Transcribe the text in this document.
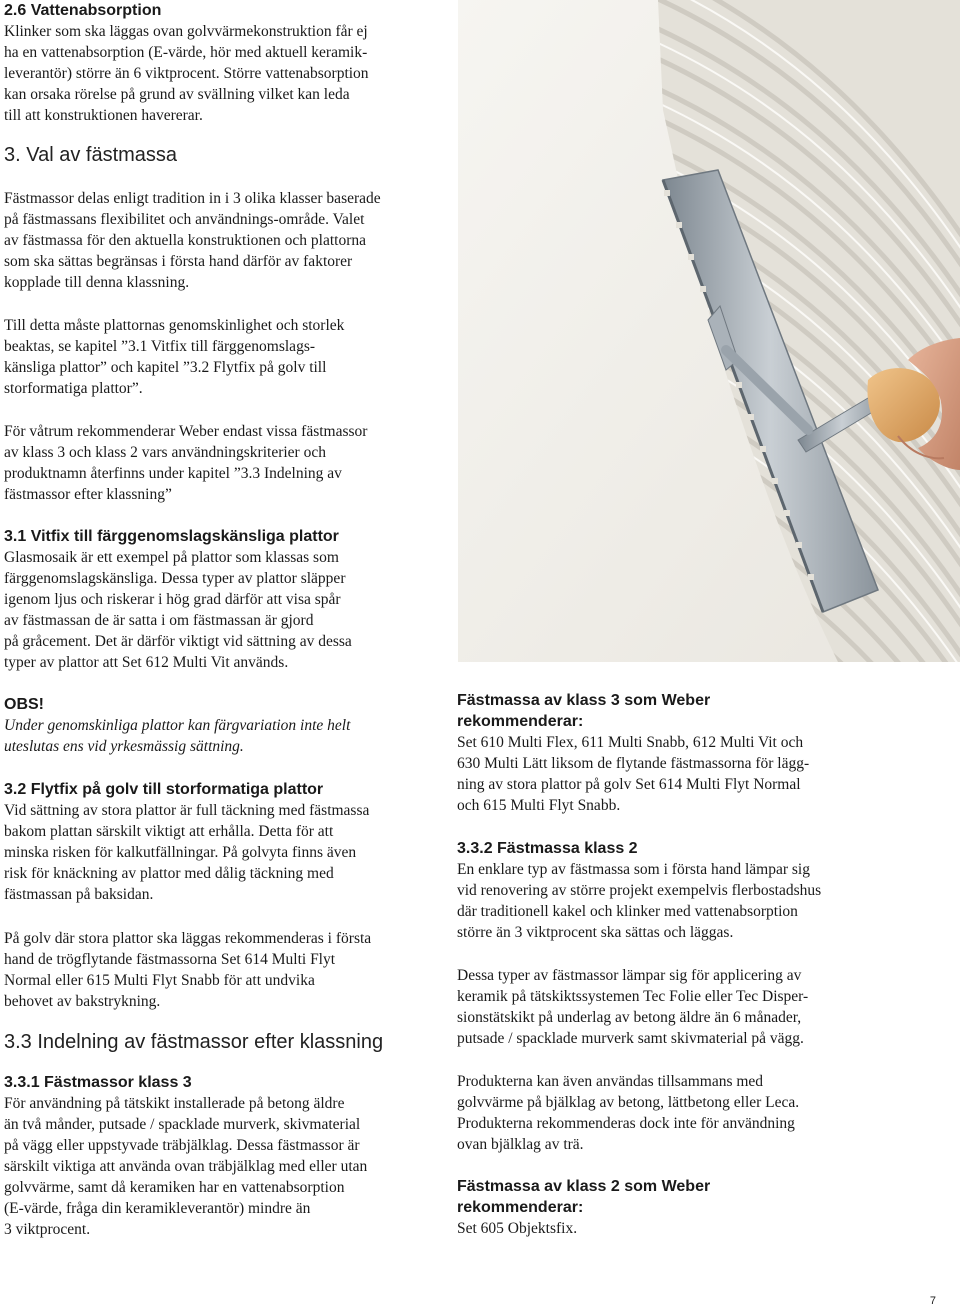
2.6 Vattenabsorption
Klinker som ska läggas ovan golvvärmekonstruktion får ej
ha en vattenabsorption (E-värde, hör med aktuell keramik-
leverantör) större än 6 viktprocent. Större vattenabsorption
kan orsaka rörelse på grund av svällning vilket kan leda
till att konstruktionen havererar.
3. Val av fästmassa
Fästmassor delas enligt tradition in i 3 olika klasser baserade
på fästmassans flexibilitet och användnings-område. Valet
av fästmassa för den aktuella konstruktionen och plattorna
som ska sättas begränsas i första hand därför av faktorer
kopplade till denna klassning.
Till detta måste plattornas genomskinlighet och storlek
beaktas, se kapitel ”3.1 Vitfix till färggenomslags-
känsliga plattor” och kapitel ”3.2 Flytfix på golv till
storformatiga plattor”.
För våtrum rekommenderar Weber endast vissa fästmassor
av klass 3 och klass 2 vars användningskriterier och
produktnamn återfinns under kapitel ”3.3 Indelning av
fästmassor efter klassning”
3.1 Vitfix till färggenomslagskänsliga plattor
Glasmosaik är ett exempel på plattor som klassas som
färggenomslagskänsliga. Dessa typer av plattor släpper
igenom ljus och riskerar i hög grad därför att visa spår
av fästmassan de är satta i om fästmassan är gjord
på gråcement. Det är därför viktigt vid sättning av dessa
typer av plattor att Set 612 Multi Vit används.
OBS!
Under genomskinliga plattor kan färgvariation inte helt
uteslutas ens vid yrkesmässig sättning.
3.2 Flytfix på golv till storformatiga plattor
Vid sättning av stora plattor är full täckning med fästmassa
bakom plattan särskilt viktigt att erhålla. Detta för att
minska risken för kalkutfällningar. På golvyta finns även
risk för knäckning av plattor med dålig täckning med
fästmassan på baksidan.
På golv där stora plattor ska läggas rekommenderas i första
hand de trögflytande fästmassorna Set 614 Multi Flyt
Normal eller 615 Multi Flyt Snabb för att undvika
behovet av bakstrykning.
3.3 Indelning av fästmassor efter klassning
3.3.1 Fästmassor klass 3
För användning på tätskikt installerade på betong äldre
än två månder, putsade / spacklade murverk, skivmaterial
på vägg eller uppstyvade träbjälklag. Dessa fästmassor är
särskilt viktiga att använda ovan träbjälklag med eller utan
golvvärme, samt då keramiken har en vattenabsorption
(E-värde, fråga din keramikleverantör) mindre än
3 viktprocent.
Fästmassa av klass 3 som Weber
rekommenderar:
Set 610 Multi Flex, 611 Multi Snabb, 612 Multi Vit och
630 Multi Lätt liksom de flytande fästmassorna för lägg-
ning av stora plattor på golv Set 614 Multi Flyt Normal
och 615 Multi Flyt Snabb.
3.3.2 Fästmassa klass 2
En enklare typ av fästmassa som i första hand lämpar sig
vid renovering av större projekt exempelvis flerbostadshus
där traditionell kakel och klinker med vattenabsorption
större än 3 viktprocent ska sättas och läggas.
Dessa typer av fästmassor lämpar sig för applicering av
keramik på tätskiktssystemen Tec Folie eller Tec Disper-
sionstätskikt på underlag av betong äldre än 6 månader,
putsade / spacklade murverk samt skivmaterial på vägg.
Produkterna kan även användas tillsammans med
golvvärme på bjälklag av betong, lättbetong eller Leca.
Produkterna rekommenderas dock inte för användning
ovan bjälklag av trä.
Fästmassa av klass 2 som Weber
rekommenderar:

Set 605 Objektsfix.

7
